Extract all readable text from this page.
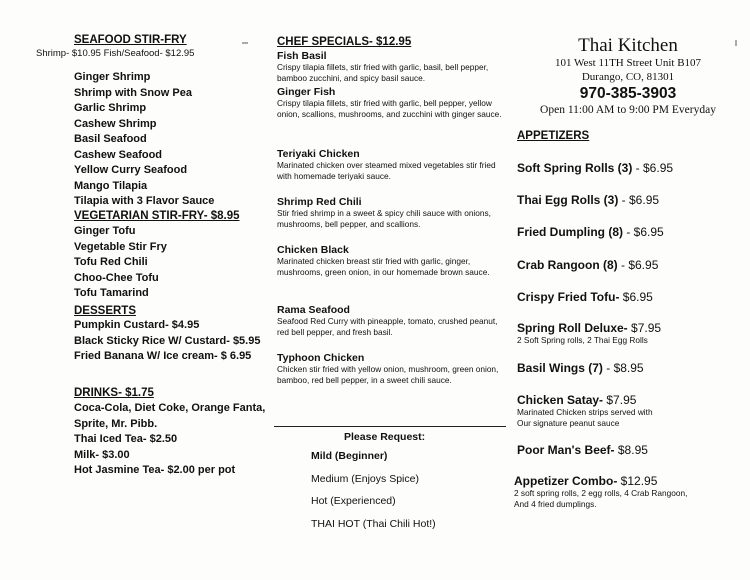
SEAFOOD STIR-FRY
Shrimp- $10.95 Fish/Seafood- $12.95
Ginger Shrimp
Shrimp with Snow Pea
Garlic Shrimp
Cashew Shrimp
Basil Seafood
Cashew Seafood
Yellow Curry Seafood
Mango Tilapia
Tilapia with 3 Flavor Sauce
VEGETARIAN STIR-FRY- $8.95
Ginger Tofu
Vegetable Stir Fry
Tofu Red Chili
Choo-Chee Tofu
Tofu Tamarind
DESSERTS
Pumpkin Custard- $4.95
Black Sticky Rice W/ Custard- $5.95
Fried Banana W/ Ice cream- $ 6.95
DRINKS- $1.75
Coca-Cola, Diet Coke, Orange Fanta,
Sprite, Mr. Pibb.
Thai Iced Tea- $2.50
Milk- $3.00
Hot Jasmine Tea- $2.00 per pot
CHEF SPECIALS- $12.95
Fish Basil
Crispy tilapia fillets, stir fried with garlic, basil, bell pepper, bamboo zucchini, and spicy basil sauce.
Ginger Fish
Crispy tilapia fillets, stir fried with garlic, bell pepper, yellow onion, scallions, mushrooms, and zucchini with ginger sauce.
Teriyaki Chicken
Marinated chicken over steamed mixed vegetables stir fried with homemade teriyaki sauce.
Shrimp Red Chili
Stir fried shrimp in a sweet & spicy chili sauce with onions, mushrooms, bell pepper, and scallions.
Chicken Black
Marinated chicken breast stir fried with garlic, ginger, mushrooms, green onion, in our homemade brown sauce.
Rama Seafood
Seafood Red Curry with pineapple, tomato, crushed peanut, red bell pepper, and fresh basil.
Typhoon Chicken
Chicken stir fried with yellow onion, mushroom, green onion, bamboo, red bell pepper, in a sweet chili sauce.
Please Request:
Mild (Beginner)
Medium (Enjoys Spice)
Hot (Experienced)
THAI HOT (Thai Chili Hot!)
Thai Kitchen
101 West 11TH Street Unit B107
Durango, CO, 81301
970-385-3903
Open 11:00 AM to 9:00 PM Everyday
APPETIZERS
Soft Spring Rolls (3) - $6.95
Thai Egg Rolls (3) - $6.95
Fried Dumpling (8) - $6.95
Crab Rangoon (8) - $6.95
Crispy Fried Tofu- $6.95
Spring Roll Deluxe- $7.95
2 Soft Spring rolls, 2 Thai Egg Rolls
Basil Wings (7) - $8.95
Chicken Satay- $7.95
Marinated Chicken strips served with
Our signature peanut sauce
Poor Man's Beef- $8.95
Appetizer Combo- $12.95
2 soft spring rolls, 2 egg rolls, 4 Crab Rangoon,
And 4 fried dumplings.
